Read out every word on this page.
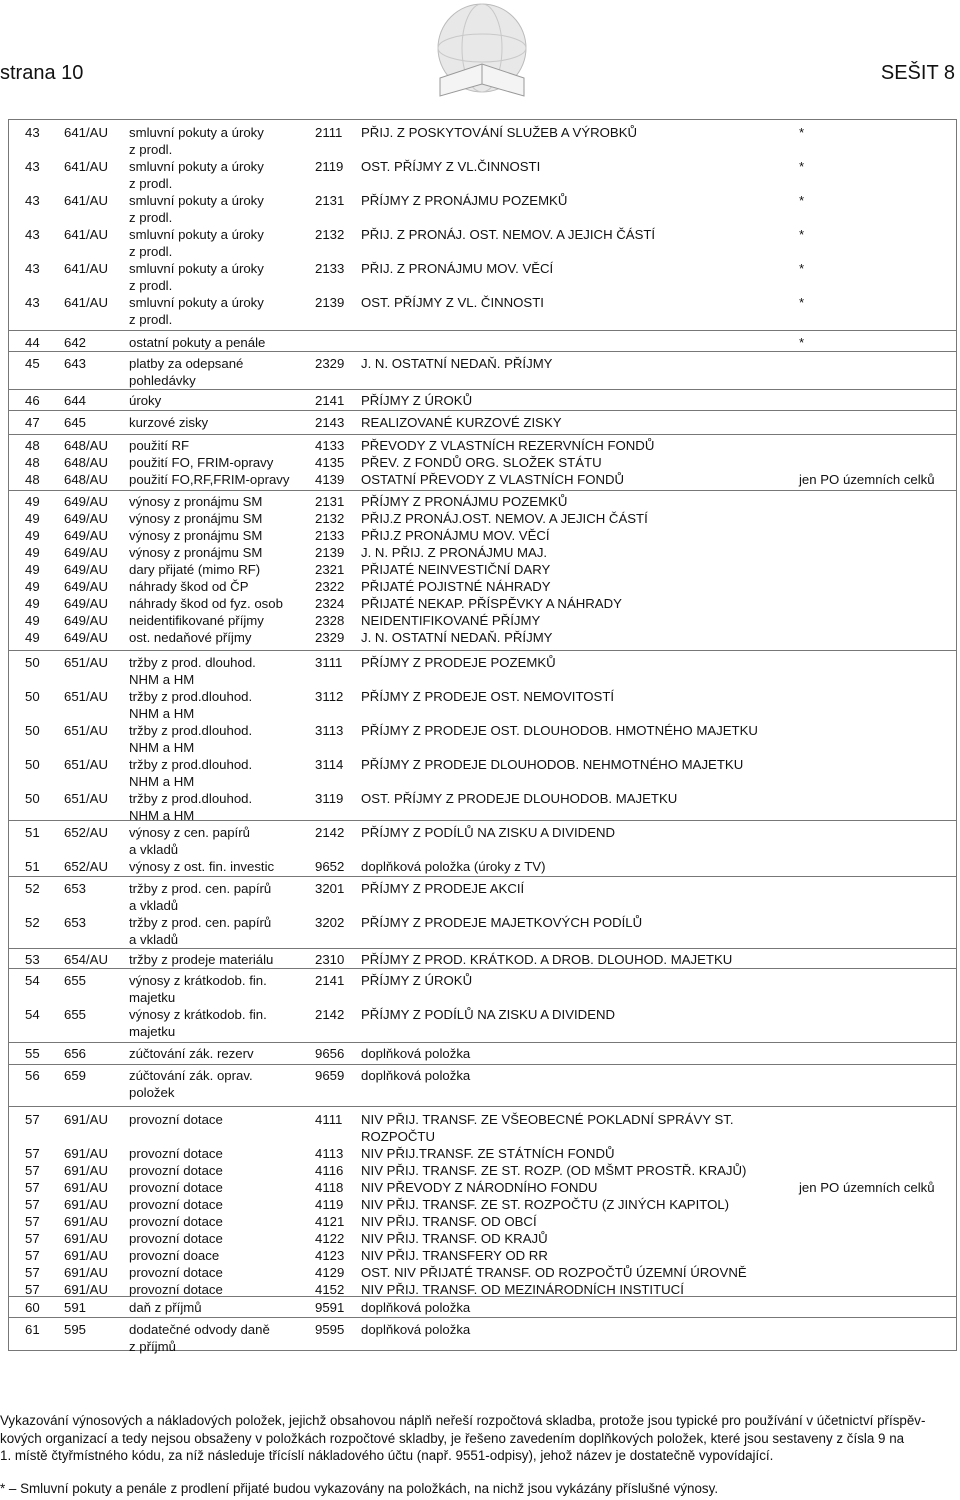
strana 10	SEŠIT 8
43 641/AU smluvní pokuty a úroky	2111 PŘIJ. Z POSKYTOVÁNÍ SLUŽEB A VÝROBKŮ	*
z prodl.
43 641/AU smluvní pokuty a úroky	2119 OST. PŘÍJMY Z VL.ČINNOSTI	*
z prodl.
43 641/AU smluvní pokuty a úroky	2131 PŘÍJMY Z PRONÁJMU POZEMKŮ	*
z prodl.
43 641/AU smluvní pokuty a úroky	2132 PŘIJ. Z PRONÁJ. OST. NEMOV. A JEJICH ČÁSTÍ	*
z prodl.
43 641/AU smluvní pokuty a úroky	2133 PŘIJ. Z PRONÁJMU MOV. VĚCÍ	*
z prodl.
43 641/AU smluvní pokuty a úroky	2139 OST. PŘÍJMY Z VL. ČINNOSTI	*
z prodl.
44 642	ostatní pokuty a penále	*
45 643	platby za odepsané	2329 J. N. OSTATNÍ NEDAŇ. PŘÍJMY
pohledávky
46 644	úroky	2141 PŘÍJMY Z ÚROKŮ
47 645	kurzové zisky	2143 REALIZOVANÉ KURZOVÉ ZISKY
48 648/AU použití RF	4133 PŘEVODY Z VLASTNÍCH REZERVNÍCH FONDŮ
48 648/AU použití FO, FRIM-opravy	4135 PŘEV. Z FONDŮ ORG. SLOŽEK STÁTU
48 648/AU použití FO,RF,FRIM-opravy 4139 OSTATNÍ PŘEVODY Z VLASTNÍCH FONDŮ	jen PO územních celků
49 649/AU výnosy z pronájmu SM	2131 PŘÍJMY Z PRONÁJMU POZEMKŮ
49 649/AU výnosy z pronájmu SM	2132 PŘIJ.Z PRONÁJ.OST. NEMOV. A JEJICH ČÁSTÍ
49 649/AU výnosy z pronájmu SM	2133 PŘIJ.Z PRONÁJMU MOV. VĚCÍ
49 649/AU výnosy z pronájmu SM	2139 J. N. PŘIJ. Z PRONÁJMU MAJ.
49 649/AU dary přijaté (mimo RF)	2321 PŘIJATÉ NEINVESTIČNÍ DARY
49 649/AU náhrady škod od ČP	2322 PŘIJATÉ POJISTNÉ NÁHRADY
49 649/AU náhrady škod od fyz. osob 2324 PŘIJATÉ NEKAP. PŘÍSPĚVKY A NÁHRADY
49 649/AU neidentifikované příjmy	2328 NEIDENTIFIKOVANÉ PŘÍJMY
49 649/AU ost. nedaňové příjmy	2329 J. N. OSTATNÍ NEDAŇ. PŘÍJMY
50 651/AU tržby z prod. dlouhod.	3111 PŘÍJMY Z PRODEJE POZEMKŮ
NHM a HM
50 651/AU tržby z prod.dlouhod.	3112 PŘÍJMY Z PRODEJE OST. NEMOVITOSTÍ
NHM a HM
50 651/AU tržby z prod.dlouhod.	3113 PŘÍJMY Z PRODEJE OST. DLOUHODOB. HMOTNÉHO MAJETKU
NHM a HM
50 651/AU tržby z prod.dlouhod.	3114 PŘÍJMY Z PRODEJE DLOUHODOB. NEHMOTNÉHO MAJETKU
NHM a HM
50 651/AU tržby z prod.dlouhod.	3119 OST. PŘÍJMY Z PRODEJE DLOUHODOB. MAJETKU
NHM a HM
51 652/AU výnosy z cen. papírů	2142 PŘÍJMY Z PODÍLŮ NA ZISKU A DIVIDEND
a vkladů
51 652/AU výnosy z ost. fin. investic	9652 doplňková položka (úroky z TV)
52 653	tržby z prod. cen. papírů	3201 PŘÍJMY Z PRODEJE AKCIÍ
a vkladů
52 653	tržby z prod. cen. papírů	3202 PŘÍJMY Z PRODEJE MAJETKOVÝCH PODÍLŮ
a vkladů
53 654/AU tržby z prodeje materiálu	2310 PŘÍJMY Z PROD. KRÁTKOD. A DROB. DLOUHOD. MAJETKU
54 655	výnosy z krátkodob. fin.	2141 PŘÍJMY Z ÚROKŮ
majetku
54 655	výnosy z krátkodob. fin.	2142 PŘÍJMY Z PODÍLŮ NA ZISKU A DIVIDEND
majetku
55 656	zúčtování zák. rezerv	9656 doplňková položka
56 659	zúčtování zák. oprav.	9659 doplňková položka
položek
57 691/AU provozní dotace	4111 NIV PŘIJ. TRANSF. ZE VŠEOBECNÉ POKLADNÍ SPRÁVY ST.
ROZPOČTU
57 691/AU provozní dotace	4113 NIV PŘIJ.TRANSF. ZE STÁTNÍCH FONDŮ
57 691/AU provozní dotace	4116 NIV PŘIJ. TRANSF. ZE ST. ROZP. (OD MŠMT PROSTŘ. KRAJŮ)
57 691/AU provozní dotace	4118 NIV PŘEVODY Z NÁRODNÍHO FONDU	jen PO územních celků
57 691/AU provozní dotace	4119 NIV PŘIJ. TRANSF. ZE ST. ROZPOČTU (Z JINÝCH KAPITOL)
57 691/AU provozní dotace	4121 NIV PŘIJ. TRANSF. OD OBCÍ
57 691/AU provozní dotace	4122 NIV PŘIJ. TRANSF. OD KRAJŮ
57 691/AU provozní doace	4123 NIV PŘIJ. TRANSFERY OD RR
57 691/AU provozní dotace	4129 OST. NIV PŘIJATÉ TRANSF. OD ROZPOČTŮ ÚZEMNÍ ÚROVNĚ
57 691/AU provozní dotace	4152 NIV PŘIJ. TRANSF. OD MEZINÁRODNÍCH INSTITUCÍ
60 591	daň z příjmů	9591 doplňková položka
61 595	dodatečné odvody daně	9595 doplňková položka
z příjmů

Vykazování výnosových a nákladových položek, jejichž obsahovou náplň neřeší rozpočtová skladba, protože jsou typické pro používání v účetnictví příspěv-

kových organizací a tedy nejsou obsaženy v položkách rozpočtové skladby, je řešeno zavedením doplňkových položek, které jsou sestaveny z čísla 9 na

1. místě čtyřmístného kódu, za níž následuje třícíslí nákladového účtu (např. 9551-odpisy), jehož název je dostatečně vypovídající.

* – Smluvní pokuty a penále z prodlení přijaté budou vykazovány na položkách, na nichž jsou vykázány příslušné výnosy.
